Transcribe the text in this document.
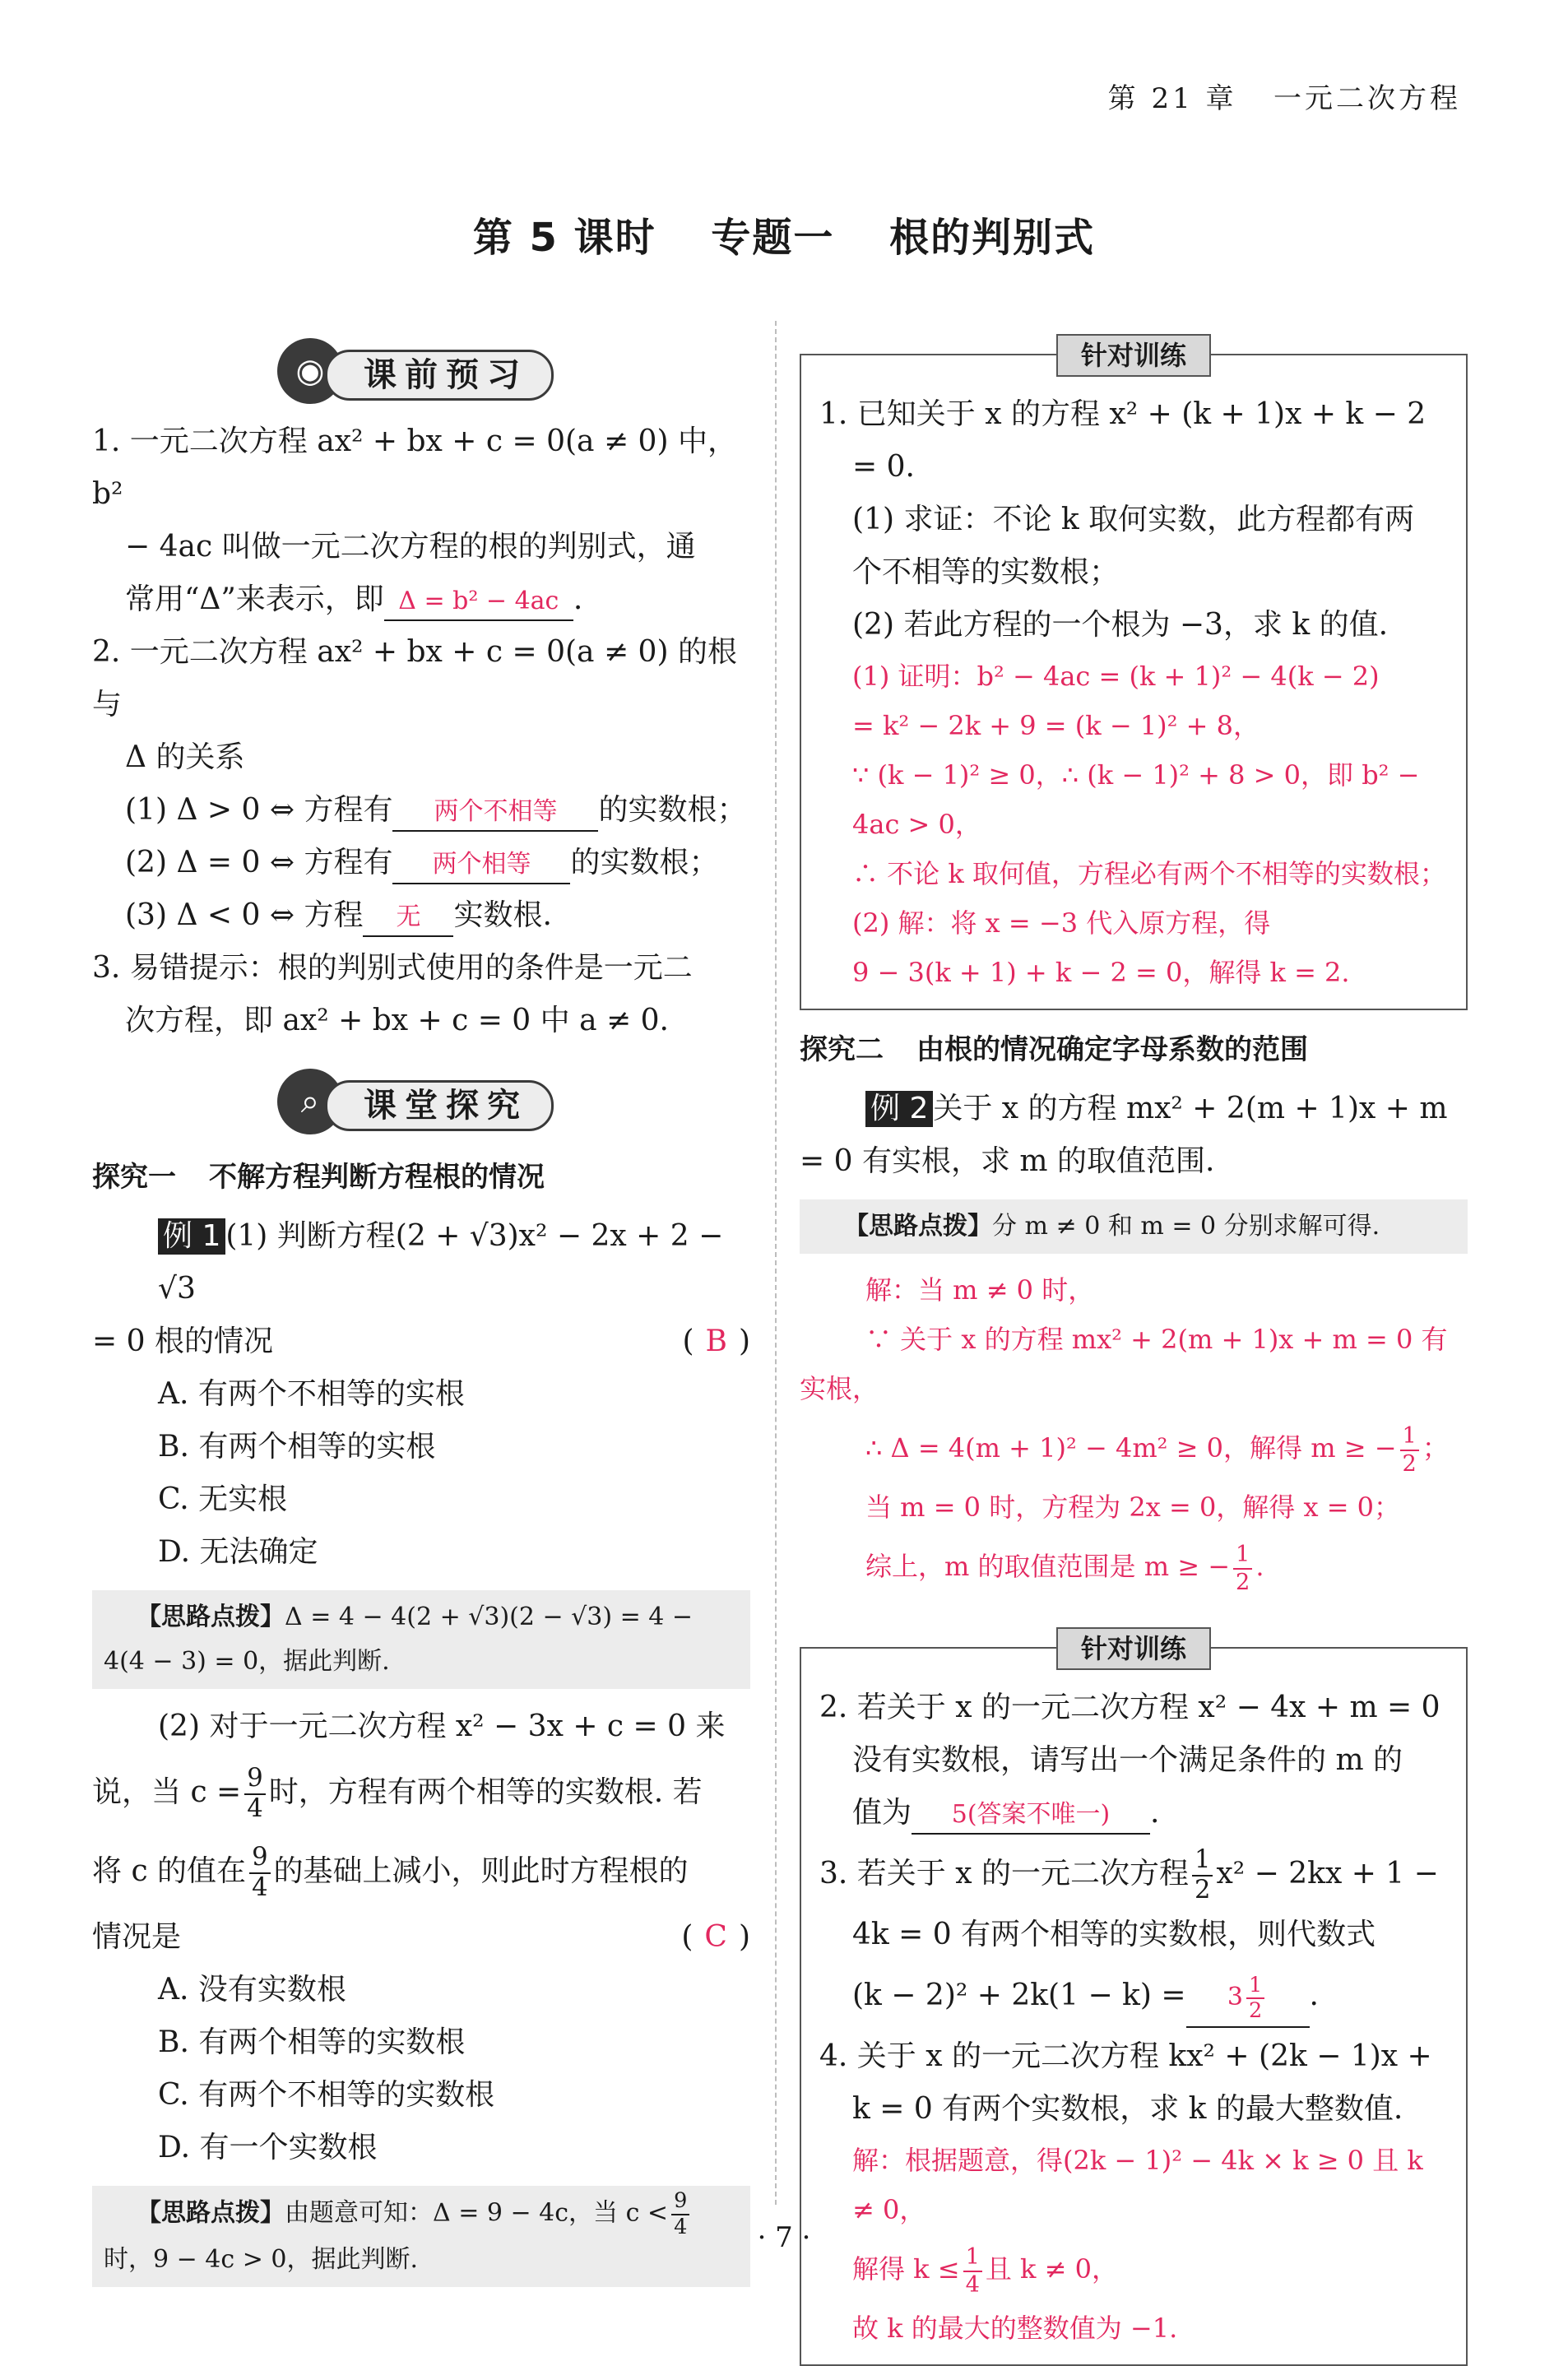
第 21 章 一元二次方程
第 5 课时 专题一 根的判别式
◉	课前预习

1. 一元二次方程 ax² + bx + c = 0(a ≠ 0) 中，b²

− 4ac 叫做一元二次方程的根的判别式，通

常用“Δ”来表示，即 Δ = b² − 4ac .

2. 一元二次方程 ax² + bx + c = 0(a ≠ 0) 的根与

Δ 的关系

(1) Δ > 0 ⇔ 方程有 两个不相等 的实数根；

(2) Δ = 0 ⇔ 方程有 两个相等 的实数根；

(3) Δ < 0 ⇔ 方程 无 实数根.

3. 易错提示：根的判别式使用的条件是一元二

次方程，即 ax² + bx + c = 0 中 a ≠ 0.

⌕	课堂探究
探究一 不解方程判断方程根的情况

例 1 (1) 判断方程(2 + √3)x² − 2x + 2 − √3

= 0 根的情况	( B )

A. 有两个不相等的实根

B. 有两个相等的实根

C. 无实根

D. 无法确定

【思路点拨】Δ = 4 − 4(2 + √3)(2 − √3) = 4 −
4(4 − 3) = 0，据此判断.

(2) 对于一元二次方程 x² − 3x + c = 0 来

说，当 $c = \frac{9}{4}$ 时，方程有两个相等的实数根. 若

将 c 的值在 $\frac{9}{4}$ 的基础上减小，则此时方程根的

情况是	( C )

A. 没有实数根

B. 有两个相等的实数根

C. 有两个不相等的实数根

D. 有一个实数根

【思路点拨】由题意可知：Δ = 9 − 4c，当 $c < \frac{9}{4}$
时，9 − 4c > 0，据此判断.
针对训练

1. 已知关于 x 的方程 x² + (k + 1)x + k − 2

= 0.

(1) 求证：不论 k 取何实数，此方程都有两

个不相等的实数根；

(2) 若此方程的一个根为 −3，求 k 的值.

(1) 证明：b² − 4ac = (k + 1)² − 4(k − 2)

= k² − 2k + 9 = (k − 1)² + 8，

∵ (k − 1)² ≥ 0，∴ (k − 1)² + 8 > 0，即 b² − 4ac > 0，

∴ 不论 k 取何值，方程必有两个不相等的实数根；

(2) 解：将 x = −3 代入原方程，得

9 − 3(k + 1) + k − 2 = 0，解得 k = 2.

探究二 由根的情况确定字母系数的范围

例 2 关于 x 的方程 mx² + 2(m + 1)x + m

= 0 有实根，求 m 的取值范围.

【思路点拨】分 m ≠ 0 和 m = 0 分别求解可得.

解：当 m ≠ 0 时，

∵ 关于 x 的方程 mx² + 2(m + 1)x + m = 0 有

实根，

∴ Δ = 4(m + 1)² − 4m² ≥ 0，解得 m ≥ − $\frac{1}{2}$ ；

当 m = 0 时，方程为 2x = 0，解得 x = 0；

综上，m 的取值范围是 m ≥ − $\frac{1}{2}$ .

针对训练

2. 若关于 x 的一元二次方程 x² − 4x + m = 0

没有实数根，请写出一个满足条件的 m 的

值为 5(答案不唯一) .

3. 若关于 x 的一元二次方程 $\frac{1}{2} x^2 - 2kx + 1$ −

4k = 0 有两个相等的实数根，则代数式

$(k - 2)^2 + 2k(1 - k) = 3 \frac{1}{2}$ .

4. 关于 x 的一元二次方程 kx² + (2k − 1)x +

k = 0 有两个实数根，求 k 的最大整数值.

解：根据题意，得(2k − 1)² − 4k × k ≥ 0 且 k ≠ 0，

解得 $k \le \frac{1}{4}$ 且 k ≠ 0，

故 k 的最大的整数值为 −1.

· 7 ·
